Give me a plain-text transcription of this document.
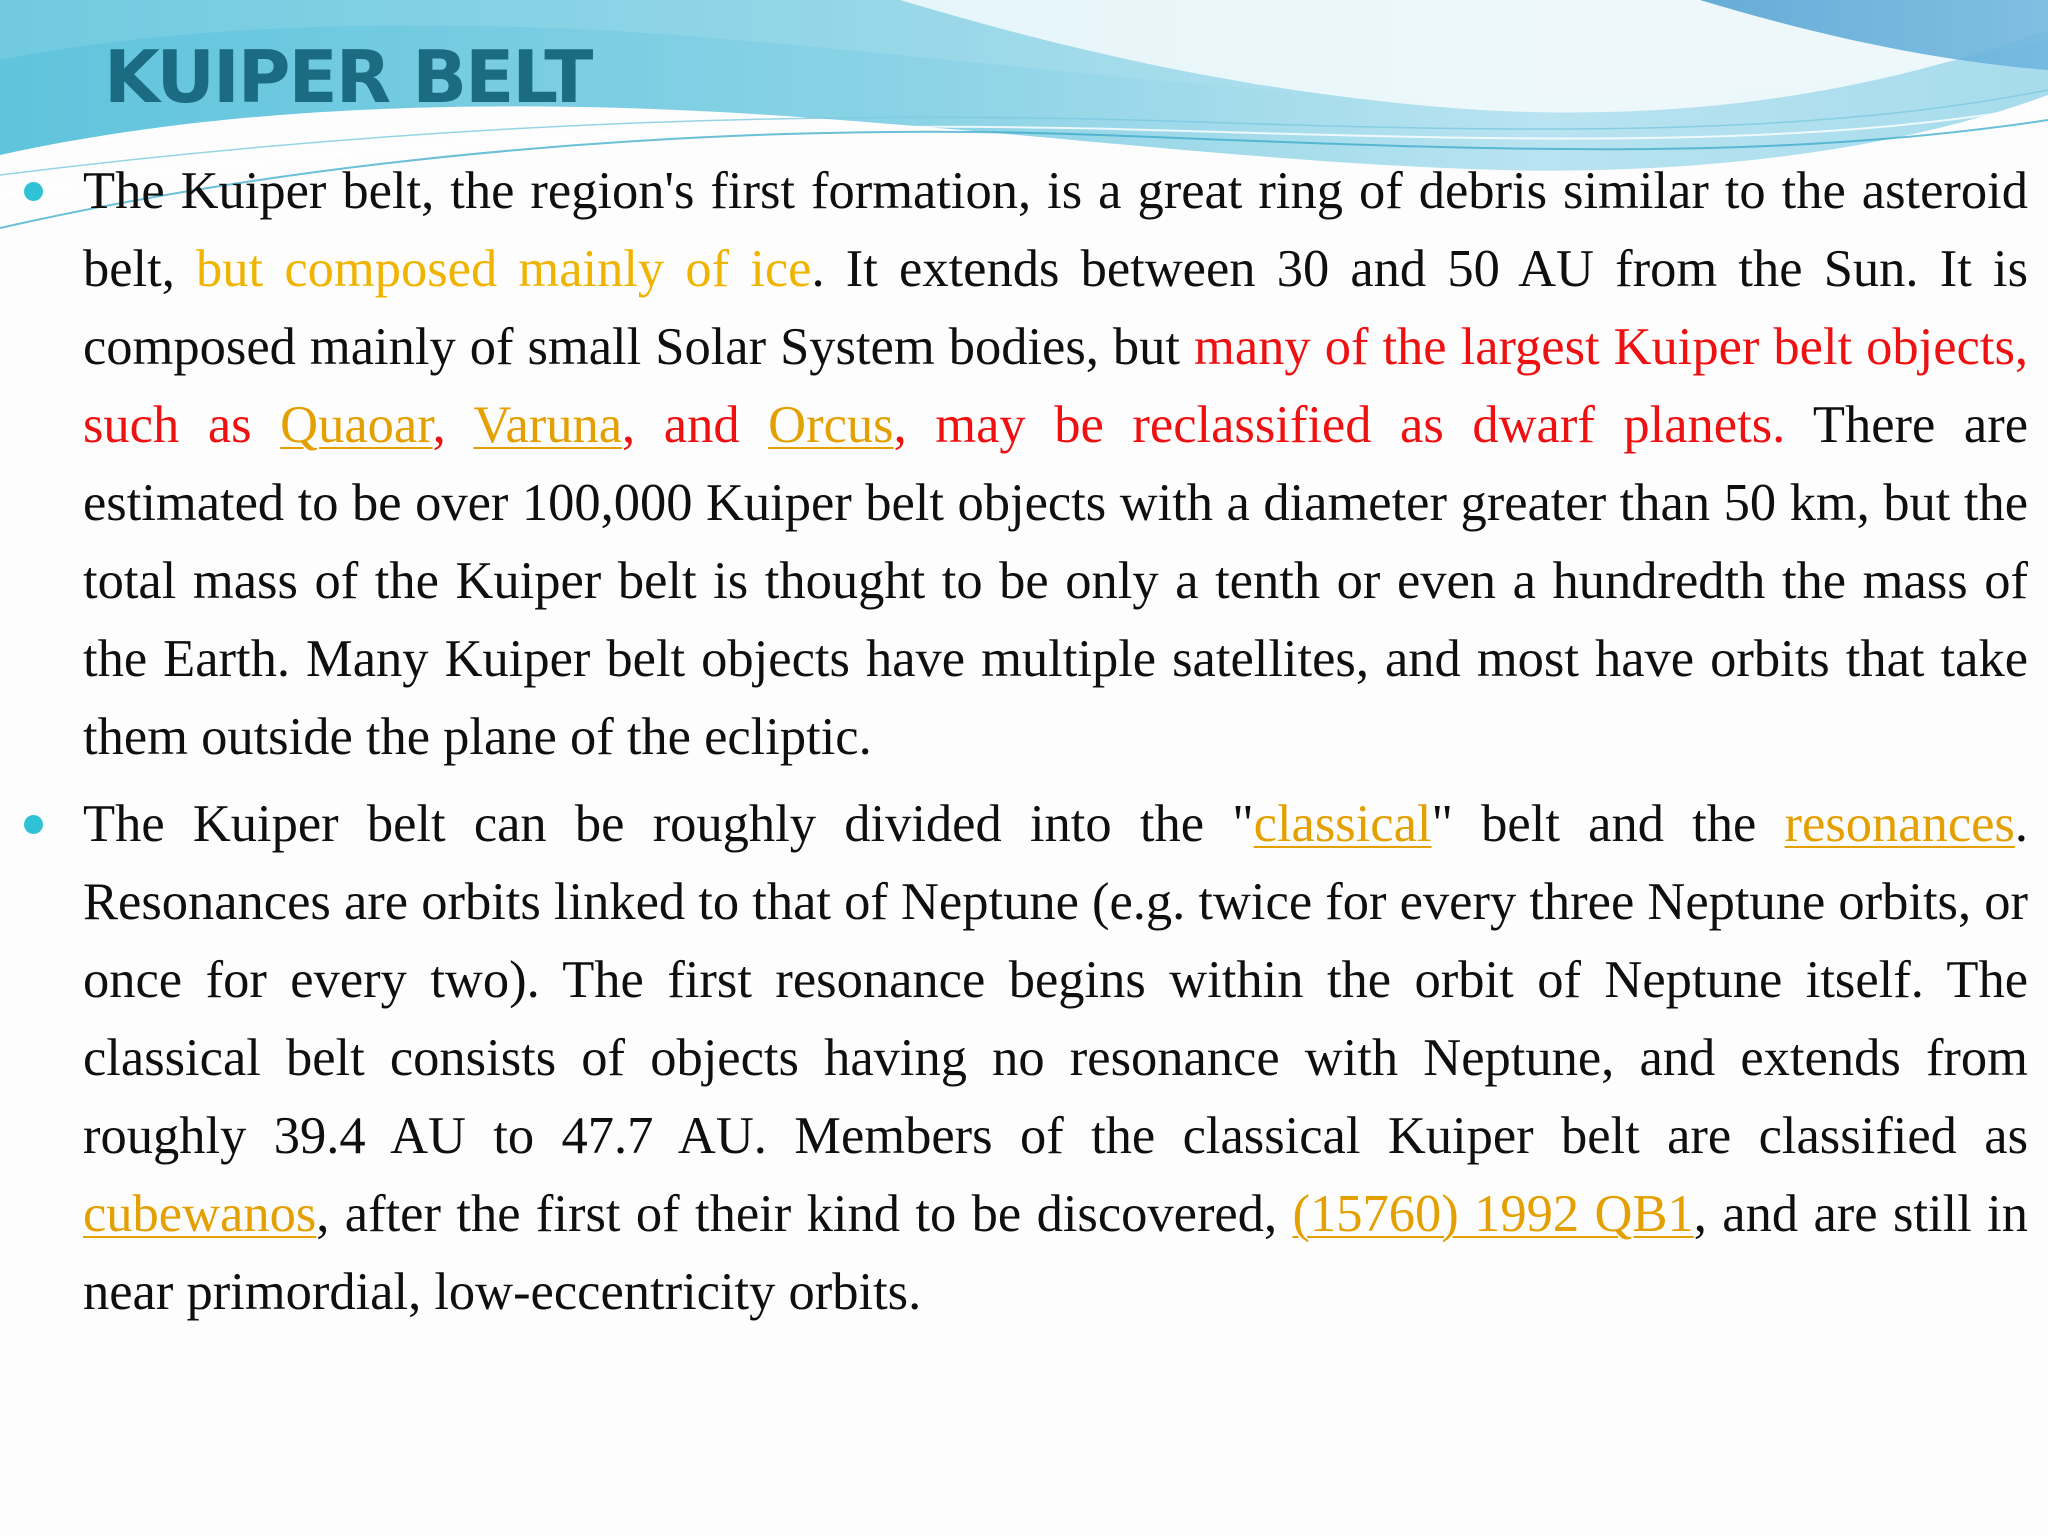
KUIPER BELT

The Kuiper belt, the region's first formation, is a great ring of debris similar to the asteroid belt, but composed mainly of ice. It extends between 30 and 50 AU from the Sun. It is composed mainly of small Solar System bodies, but many of the largest Kuiper belt objects, such as Quaoar, Varuna, and Orcus, may be reclassified as dwarf planets. There are estimated to be over 100,000 Kuiper belt objects with a diameter greater than 50 km, but the total mass of the Kuiper belt is thought to be only a tenth or even a hundredth the mass of the Earth. Many Kuiper belt objects have multiple satellites, and most have orbits that take them outside the plane of the ecliptic.

The Kuiper belt can be roughly divided into the "classical" belt and the resonances. Resonances are orbits linked to that of Neptune (e.g. twice for every three Neptune orbits, or once for every two). The first resonance begins within the orbit of Neptune itself. The classical belt consists of objects having no resonance with Neptune, and extends from roughly 39.4 AU to 47.7 AU. Members of the classical Kuiper belt are classified as cubewanos, after the first of their kind to be discovered, (15760) 1992 QB1, and are still in near primordial, low-eccentricity orbits.
